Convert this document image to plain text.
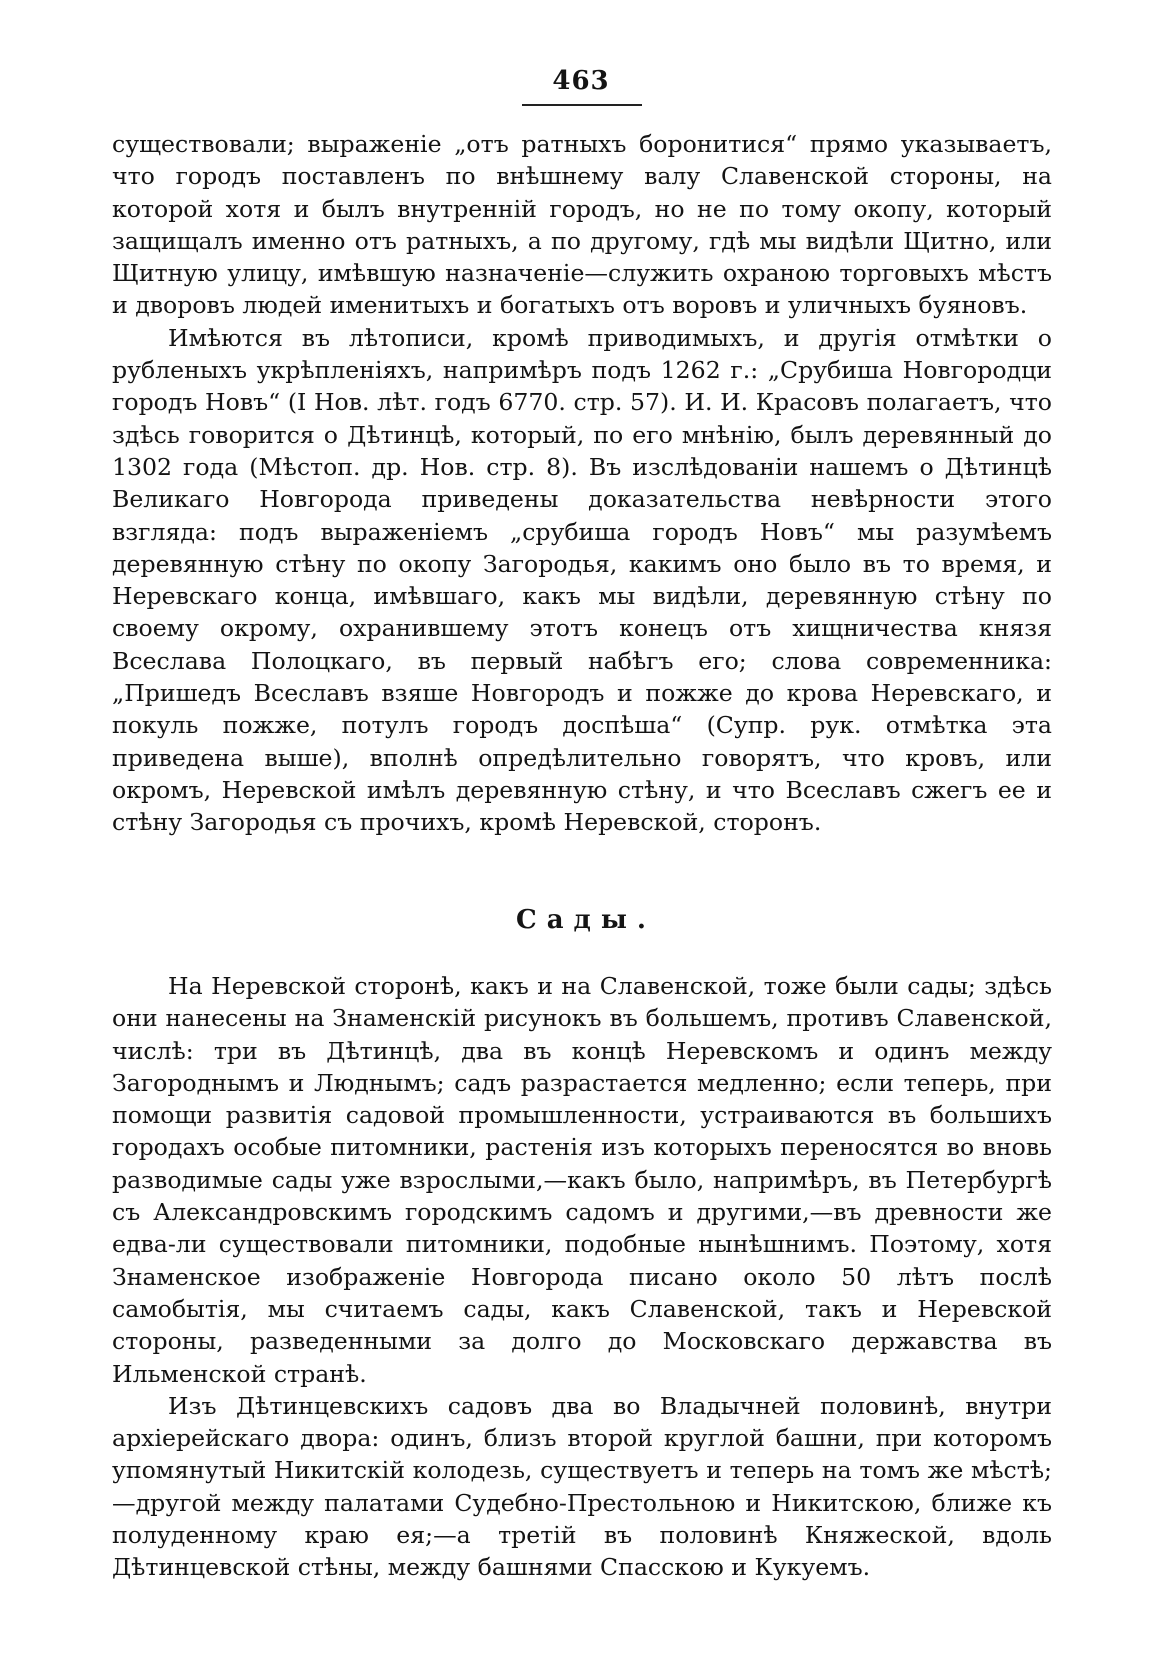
463

существовали; выраженіе „отъ ратныхъ боронитися“ прямо указываетъ, что городъ поставленъ по внѣшнему валу Славенской стороны, на которой хотя и былъ внутренній городъ, но не по тому окопу, который защищалъ именно отъ ратныхъ, а по другому, гдѣ мы видѣли Щитно, или Щитную улицу, имѣвшую назначеніе—служить охраною торговыхъ мѣстъ и дворовъ людей именитыхъ и богатыхъ отъ воровъ и уличныхъ буяновъ.

Имѣются въ лѣтописи, кромѣ приводимыхъ, и другія отмѣтки о рубленыхъ укрѣпленіяхъ, напримѣръ подъ 1262 г.: „Срубиша Новгородци городъ Новъ“ (I Нов. лѣт. годъ 6770. стр. 57). И. И. Красовъ полагаетъ, что здѣсь говорится о Дѣтинцѣ, который, по его мнѣнію, былъ деревянный до 1302 года (Мѣстоп. др. Нов. стр. 8). Въ изслѣдованіи нашемъ о Дѣтинцѣ Великаго Новгорода приведены доказательства невѣрности этого взгляда: подъ выраженіемъ „срубиша городъ Новъ“ мы разумѣемъ деревянную стѣну по окопу Загородья, какимъ оно было въ то время, и Неревскаго конца, имѣвшаго, какъ мы видѣли, деревянную стѣну по своему окрому, охранившему этотъ конецъ отъ хищничества князя Всеслава Полоцкаго, въ первый набѣгъ его; слова современника: „Пришедъ Всеславъ взяше Новгородъ и пожже до крова Неревскаго, и покуль пожже, потулъ городъ доспѣша“ (Супр. рук. отмѣтка эта приведена выше), вполнѣ опредѣлительно говорятъ, что кровъ, или окромъ, Неревской имѣлъ деревянную стѣну, и что Всеславъ сжегъ ее и стѣну Загородья съ прочихъ, кромѣ Неревской, сторонъ.

Сады.

На Неревской сторонѣ, какъ и на Славенской, тоже были сады; здѣсь они нанесены на Знаменскій рисунокъ въ большемъ, противъ Славенской, числѣ: три въ Дѣтинцѣ, два въ концѣ Неревскомъ и одинъ между Загороднымъ и Люднымъ; садъ разрастается медленно; если теперь, при помощи развитія садовой промышленности, устраиваются въ большихъ городахъ особые питомники, растенія изъ которыхъ переносятся во вновь разводимые сады уже взрослыми,—какъ было, напримѣръ, въ Петербургѣ съ Александровскимъ городскимъ садомъ и другими,—въ древности же едва-ли существовали питомники, подобные нынѣшнимъ. Поэтому, хотя Знаменское изображеніе Новгорода писано около 50 лѣтъ послѣ самобытія, мы считаемъ сады, какъ Славенской, такъ и Неревской стороны, разведенными за долго до Московскаго державства въ Ильменской странѣ.

Изъ Дѣтинцевскихъ садовъ два во Владычней половинѣ, внутри архіерейскаго двора: одинъ, близъ второй круглой башни, при которомъ упомянутый Никитскій колодезь, существуетъ и теперь на томъ же мѣстѣ;—другой между палатами Судебно-Престольною и Никитскою, ближе къ полуденному краю ея;—а третій въ половинѣ Княжеской, вдоль Дѣтинцевской стѣны, между башнями Спасскою и Кукуемъ.
